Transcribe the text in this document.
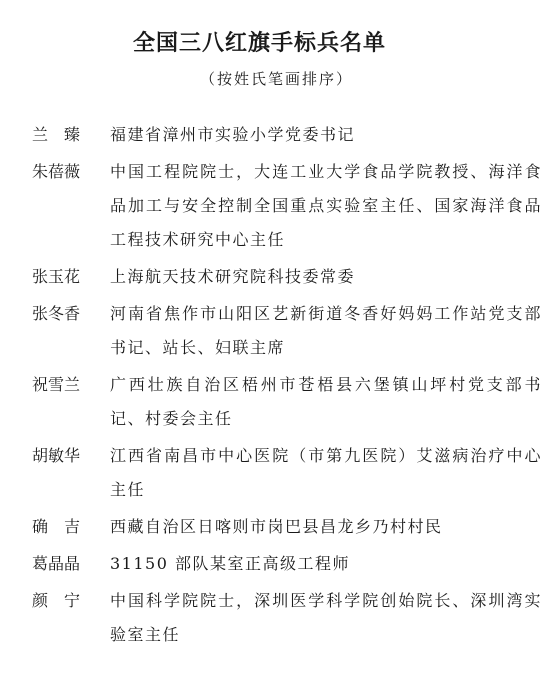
全国三八红旗手标兵名单
（按姓氏笔画排序）
兰　臻	福建省漳州市实验小学党委书记
朱蓓薇	中国工程院院士，大连工业大学食品学院教授、海洋食品加工与安全控制全国重点实验室主任、国家海洋食品工程技术研究中心主任
张玉花	上海航天技术研究院科技委常委
张冬香	河南省焦作市山阳区艺新街道冬香好妈妈工作站党支部书记、站长、妇联主席
祝雪兰	广西壮族自治区梧州市苍梧县六堡镇山坪村党支部书记、村委会主任
胡敏华	江西省南昌市中心医院（市第九医院）艾滋病治疗中心主任
确　吉	西藏自治区日喀则市岗巴县昌龙乡乃村村民
葛晶晶	31150 部队某室正高级工程师
颜　宁	中国科学院院士，深圳医学科学院创始院长、深圳湾实验室主任
